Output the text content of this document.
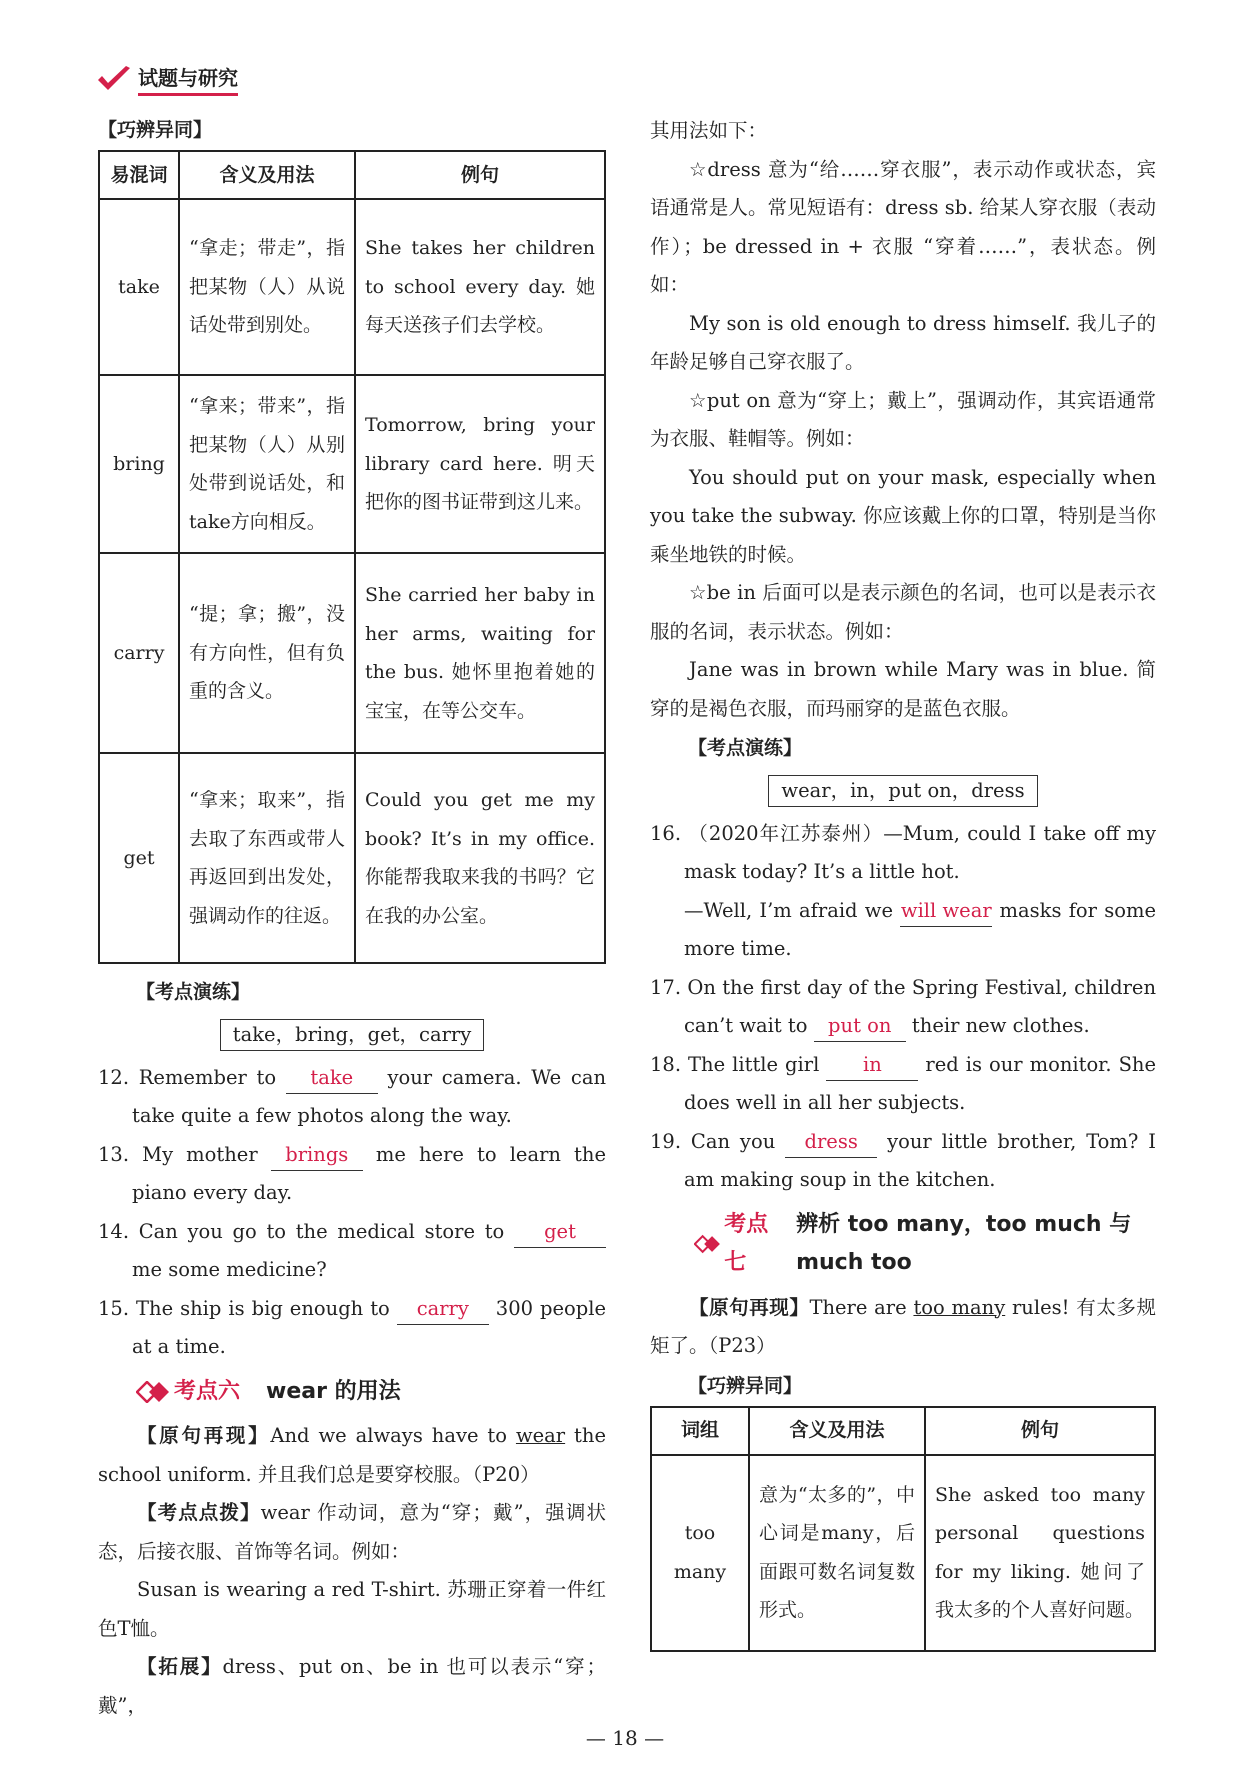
试题与研究
【巧辨异同】
易混词	含义及用法	例句
take	“拿走；带走”，指把某物（人）从说话处带到别处。	She takes her children to school every day. 她每天送孩子们去学校。
bring	“拿来；带来”，指把某物（人）从别处带到说话处，和take方向相反。	Tomorrow, bring your library card here. 明天把你的图书证带到这儿来。
carry	“提；拿；搬”，没有方向性，但有负重的含义。	She carried her baby in her arms, waiting for the bus. 她怀里抱着她的宝宝，在等公交车。
get	“拿来；取来”，指去取了东西或带人再返回到出发处，强调动作的往返。	Could you get me my book? It’s in my office. 你能帮我取来我的书吗？它在我的办公室。
【考点演练】
take，bring，get，carry

12. Remember to take your camera. We can take quite a few photos along the way.

13. My mother brings me here to learn the piano every day.

14. Can you go to the medical store to get me some medicine?

15. The ship is big enough to carry 300 people at a time.

考点六 wear 的用法

【原句再现】And we always have to wear the school uniform. 并且我们总是要穿校服。（P20）

【考点点拨】wear 作动词，意为“穿；戴”，强调状态，后接衣服、首饰等名词。例如：

Susan is wearing a red T-shirt. 苏珊正穿着一件红色T恤。

【拓展】dress、put on、be in 也可以表示“穿；戴”，

其用法如下：

☆dress 意为“给……穿衣服”，表示动作或状态，宾语通常是人。常见短语有：dress sb. 给某人穿衣服（表动作）；be dressed in + 衣服 “穿着……”，表状态。例如：

My son is old enough to dress himself. 我儿子的年龄足够自己穿衣服了。

☆put on 意为“穿上；戴上”，强调动作，其宾语通常为衣服、鞋帽等。例如：

You should put on your mask, especially when you take the subway. 你应该戴上你的口罩，特别是当你乘坐地铁的时候。

☆be in 后面可以是表示颜色的名词，也可以是表示衣服的名词，表示状态。例如：

Jane was in brown while Mary was in blue. 简穿的是褐色衣服，而玛丽穿的是蓝色衣服。

【考点演练】
wear，in，put on，dress

16. （2020年江苏泰州）—Mum, could I take off my mask today? It’s a little hot.

—Well, I’m afraid we will wear masks for some more time.

17. On the first day of the Spring Festival, children can’t wait to put on their new clothes.

18. The little girl in red is our monitor. She does well in all her subjects.

19. Can you dress your little brother, Tom? I am making soup in the kitchen.

考点七
辨析 too many，too much 与 much too

【原句再现】There are too many rules! 有太多规矩了。（P23）

【巧辨异同】
词组	含义及用法	例句
too many	意为“太多的”，中心词是many，后面跟可数名词复数形式。	She asked too many personal questions for my liking. 她问了我太多的个人喜好问题。
— 18 —
